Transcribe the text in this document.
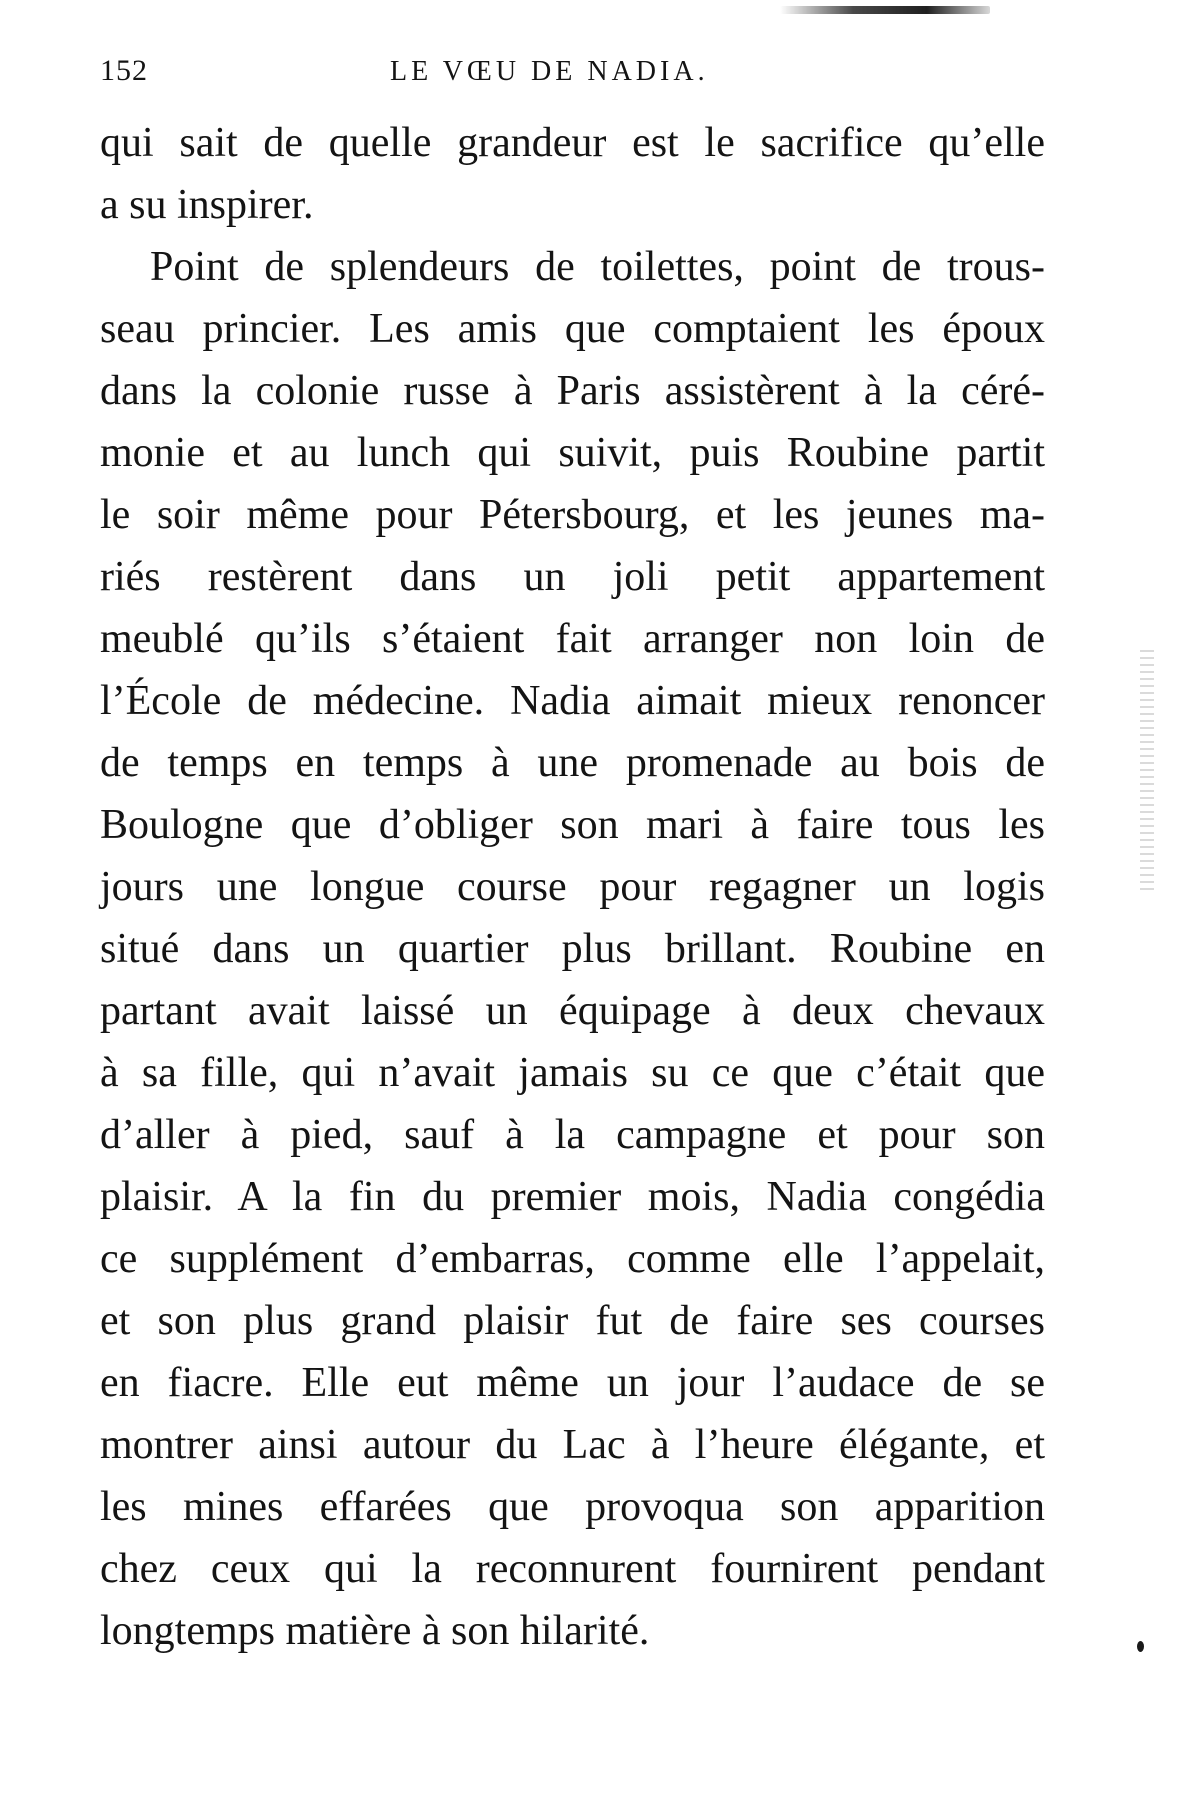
152	LE VŒU DE NADIA.
qui sait de quelle grandeur est le sacrifice qu’elle
a su inspirer.
Point de splendeurs de toilettes, point de trous-
seau princier. Les amis que comptaient les époux
dans la colonie russe à Paris assistèrent à la céré-
monie et au lunch qui suivit, puis Roubine partit
le soir même pour Pétersbourg, et les jeunes ma-
riés restèrent dans un joli petit appartement
meublé qu’ils s’étaient fait arranger non loin de
l’École de médecine. Nadia aimait mieux renoncer
de temps en temps à une promenade au bois de
Boulogne que d’obliger son mari à faire tous les
jours une longue course pour regagner un logis
situé dans un quartier plus brillant. Roubine en
partant avait laissé un équipage à deux chevaux
à sa fille, qui n’avait jamais su ce que c’était que
d’aller à pied, sauf à la campagne et pour son
plaisir. A la fin du premier mois, Nadia congédia
ce supplément d’embarras, comme elle l’appelait,
et son plus grand plaisir fut de faire ses courses
en fiacre. Elle eut même un jour l’audace de se
montrer ainsi autour du Lac à l’heure élégante, et
les mines effarées que provoqua son apparition
chez ceux qui la reconnurent fournirent pendant
longtemps matière à son hilarité.
